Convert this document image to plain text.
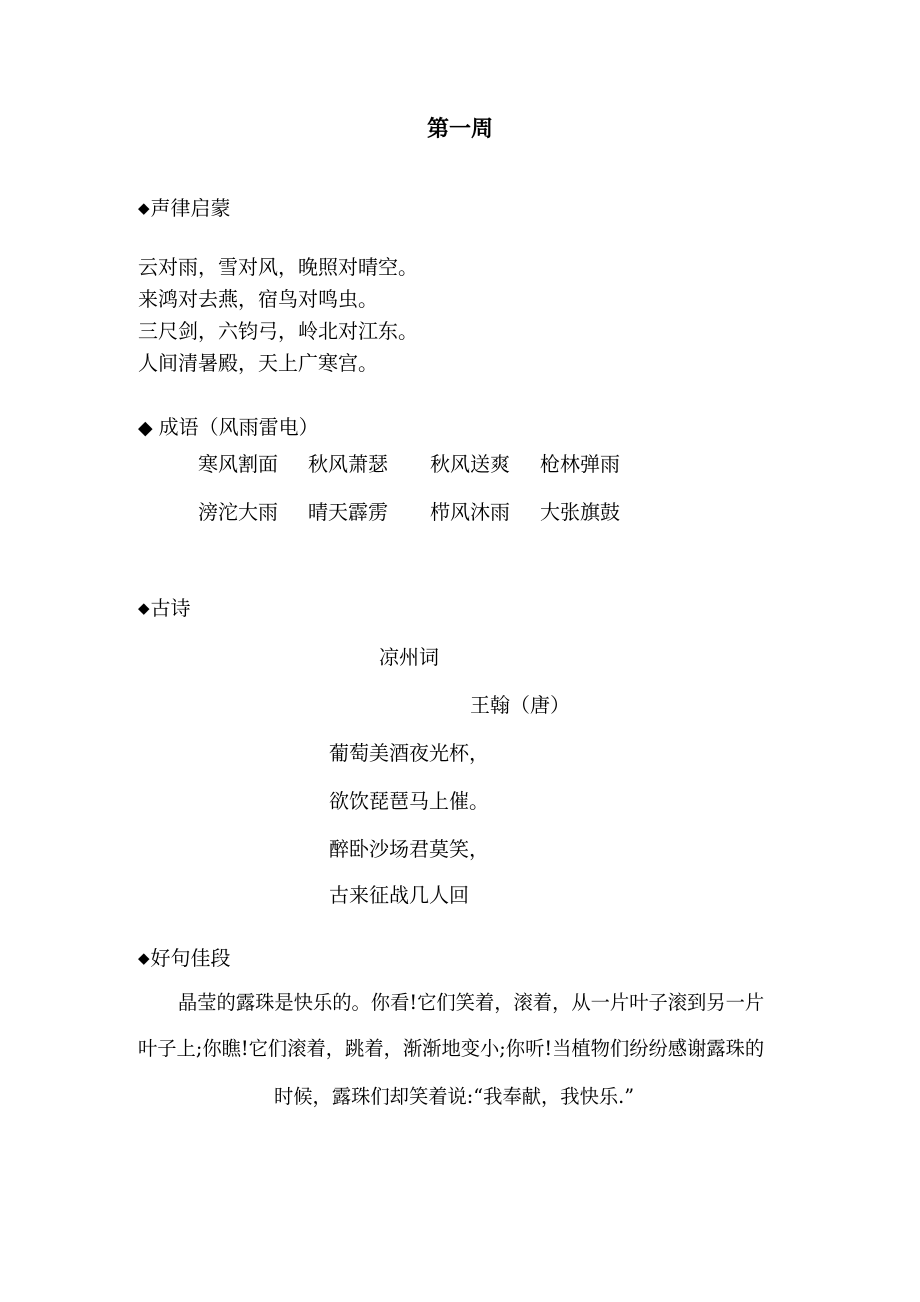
第一周
◆声律启蒙
云对雨，雪对风，晚照对晴空。
来鸿对去燕，宿鸟对鸣虫。
三尺剑，六钧弓，岭北对江东。
人间清暑殿，天上广寒宫。
◆ 成语（风雨雷电）
寒风割面 秋风萧瑟 秋风送爽 枪林弹雨
滂沱大雨 晴天霹雳 栉风沐雨 大张旗鼓
◆古诗
凉州词
王翰（唐）
葡萄美酒夜光杯，
欲饮琵琶马上催。
醉卧沙场君莫笑，
古来征战几人回
◆好句佳段
晶莹的露珠是快乐的。你看!它们笑着，滚着，从一片叶子滚到另一片
叶子上;你瞧!它们滚着，跳着，渐渐地变小;你听!当植物们纷纷感谢露珠的
时候，露珠们却笑着说:“我奉献，我快乐.”
